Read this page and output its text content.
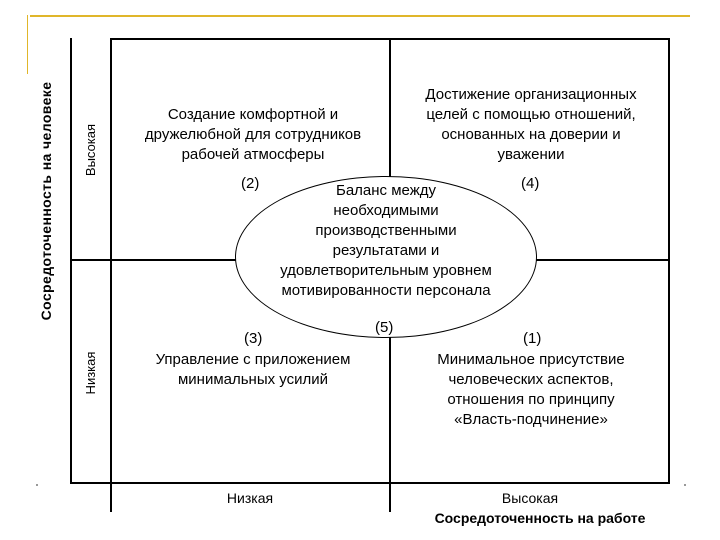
Сосредоточенность на человеке Высокая
Низкая
Низкая	Высокая
Сосредоточенность на работе
Создание комфортной и
дружелюбной для сотрудников
рабочей атмосферы
(2)
Достижение организационных
целей с помощью отношений,
основанных на доверии и
уважении
(4)
Управление с приложением
минимальных усилий
(3)
Минимальное присутствие
человеческих аспектов,
отношения по принципу
«Власть-подчинение»
(1)
Баланс между
необходимыми
производственными
результатами и
удовлетворительным уровнем
мотивированности персонала
(5)
